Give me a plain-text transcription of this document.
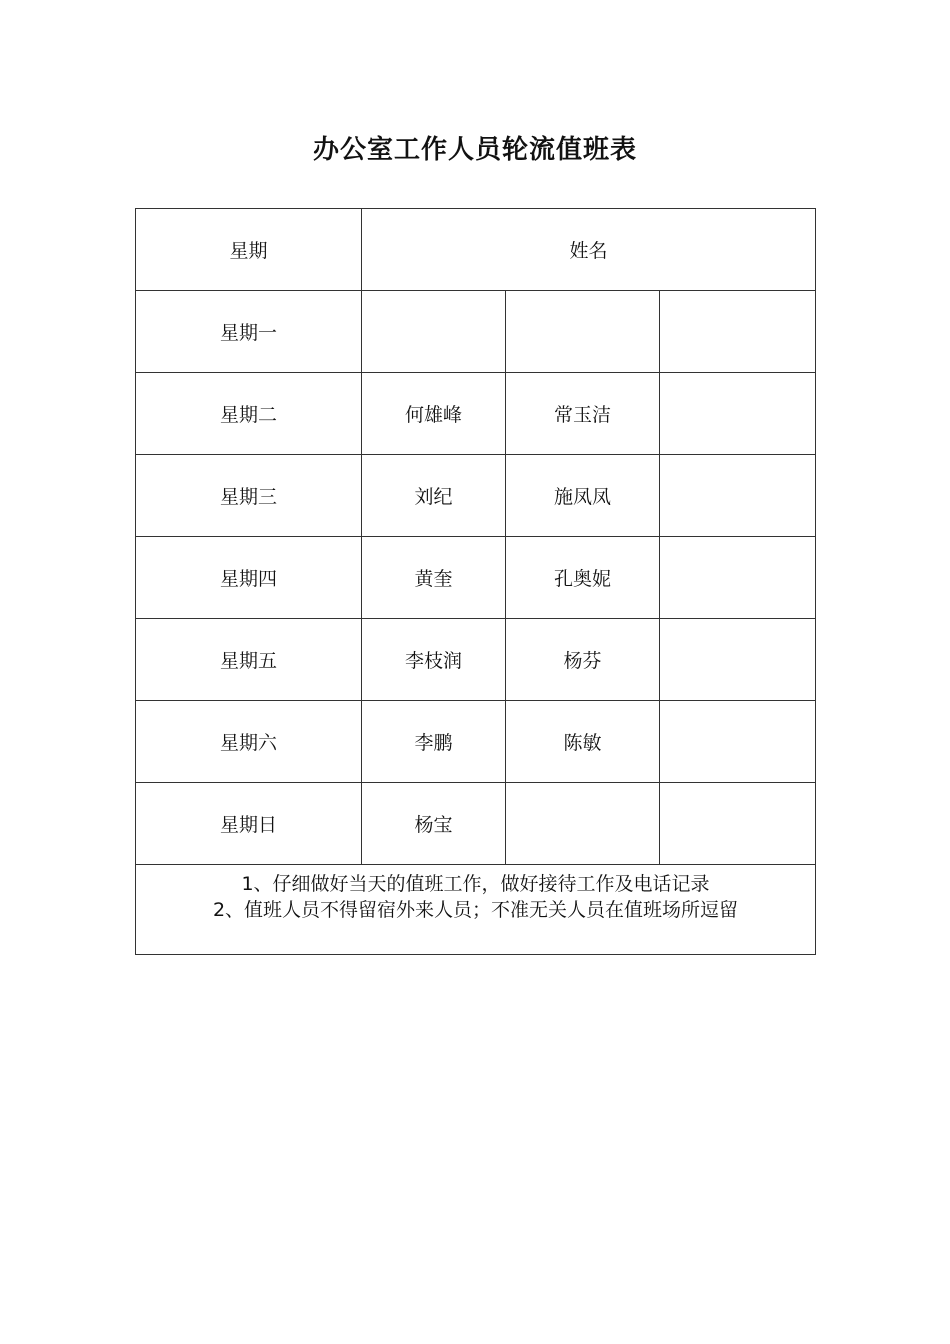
办公室工作人员轮流值班表
星期	姓名		
星期一			
星期二	何雄峰	常玉洁	
星期三	刘纪	施凤凤	
星期四	黄奎	孔奥妮	
星期五	李枝润	杨芬	
星期六	李鹏	陈敏	
星期日	杨宝		

1、仔细做好当天的值班工作，做好接待工作及电话记录
2、值班人员不得留宿外来人员；不准无关人员在值班场所逗留			
